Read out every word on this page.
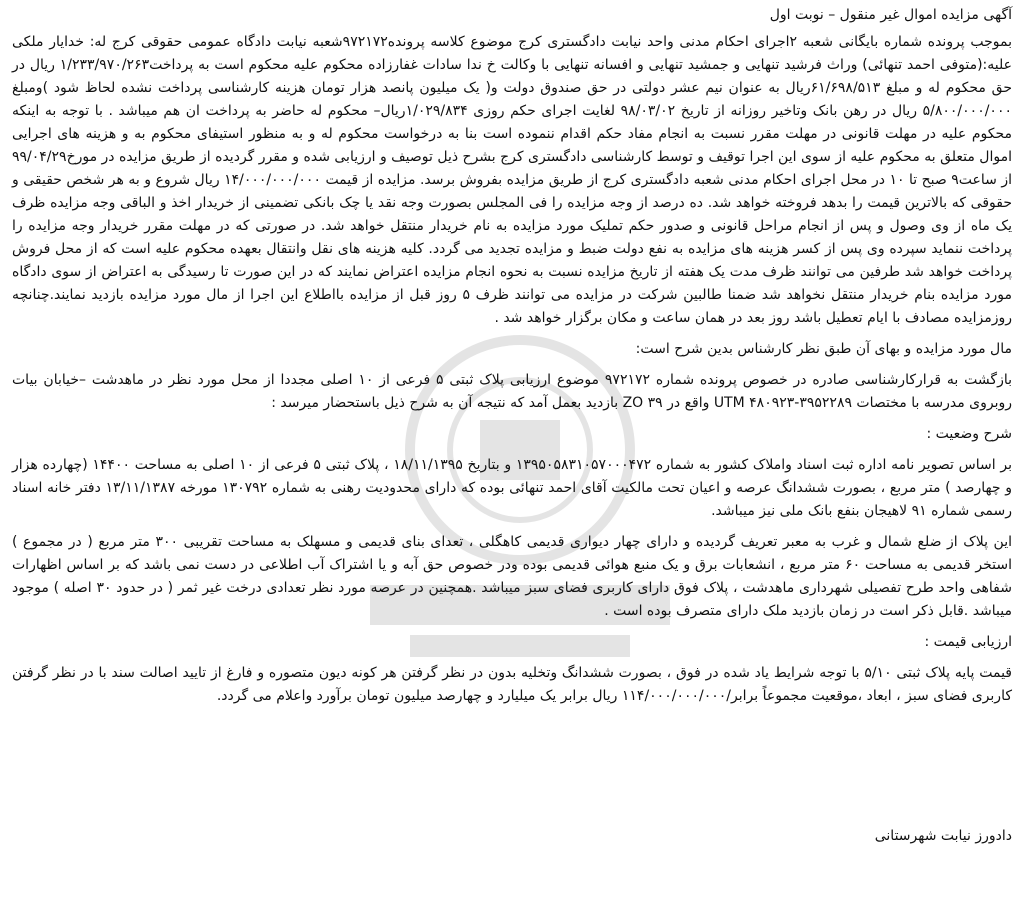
آگهی مزایده اموال غیر منقول – نوبت اول

بموجب پرونده شماره بایگانی شعبه ۲اجرای احکام مدنی واحد نیابت دادگستری کرج موضوع کلاسه پرونده۹۷۲۱۷۲شعبه نیابت دادگاه عمومی حقوقی کرج له: خدایار ملکی علیه:(متوفی احمد تنهائی) وراث فرشید تنهایی و جمشید تنهایی و افسانه تنهایی با وکالت خ ندا سادات غفارزاده محکوم علیه محکوم است به پرداخت۱/۲۳۳/۹۷۰/۲۶۳ ریال در حق محکوم له و مبلغ ۶۱/۶۹۸/۵۱۳ریال به عنوان نیم عشر دولتی در حق صندوق دولت و( یک میلیون پانصد هزار تومان هزینه کارشناسی پرداخت نشده لحاظ شود )ومبلغ ۵/۸۰۰/۰۰۰/۰۰۰ ریال در رهن بانک وتاخیر روزانه از تاریخ ۹۸/۰۳/۰۲ لغایت اجرای حکم روزی ۱/۰۲۹/۸۳۴ریال– محکوم له حاضر به پرداخت ان هم میباشد . با توجه به اینکه محکوم علیه در مهلت قانونی در مهلت مقرر نسبت به انجام مفاد حکم اقدام ننموده است بنا به درخواست محکوم له و به منظور استیفای محکوم به و هزینه های اجرایی اموال متعلق به محکوم علیه از سوی این اجرا توقیف و توسط کارشناسی دادگستری کرج بشرح ذیل توصیف و ارزیابی شده و مقرر گردیده از طریق مزایده در مورخ۹۹/۰۴/۲۹ از ساعت۹ صبح تا ۱۰ در محل اجرای احکام مدنی شعبه دادگستری کرج از طریق مزایده بفروش برسد. مزایده از قیمت ۱۴/۰۰۰/۰۰۰/۰۰۰ ریال شروع و به هر شخص حقیقی و حقوقی که بالاترین قیمت را بدهد فروخته خواهد شد. ده درصد از وجه مزایده را فی المجلس بصورت وجه نقد یا چک بانکی تضمینی از خریدار اخذ و الباقی وجه مزایده ظرف یک ماه از وی وصول و پس از انجام مراحل قانونی و صدور حکم تملیک مورد مزایده به نام خریدار منتقل خواهد شد. در صورتی که در مهلت مقرر خریدار وجه مزایده را پرداخت ننماید سپرده وی پس از کسر هزینه های مزایده به نفع دولت ضبط و مزایده تجدید می گردد. کلیه هزینه های نقل وانتقال بعهده محکوم علیه است که از محل فروش پرداخت خواهد شد طرفین می توانند ظرف مدت یک هفته از تاریخ مزایده نسبت به نحوه انجام مزایده اعتراض نمایند که در این صورت تا رسیدگی به اعتراض از سوی دادگاه مورد مزایده بنام خریدار منتقل نخواهد شد ضمنا طالبین شرکت در مزایده می توانند ظرف ۵ روز قبل از مزایده بااطلاع این اجرا از مال مورد مزایده بازدید نمایند.چنانچه روزمزایده مصادف با ایام تعطیل باشد روز بعد در همان ساعت و مکان برگزار خواهد شد .

مال مورد مزایده و بهای آن طبق نظر کارشناس بدین شرح است:

بازگشت به قرارکارشناسی صادره در خصوص پرونده شماره ۹۷۲۱۷۲ موضوع ارزیابی پلاک ثبتی ۵ فرعی از ۱۰ اصلی مجددا از محل مورد نظر در ماهدشت –خیابان بیات روبروی مدرسه با مختصات ۳۹۵۲۲۸۹-۴۸۰۹۲۳ UTM واقع در ZO ۳۹ بازدید بعمل آمد که نتیجه آن به شرح ذیل باستحضار میرسد :

شرح وضعیت :

بر اساس تصویر نامه اداره ثبت اسناد واملاک کشور به شماره ۱۳۹۵۰۵۸۳۱۰۵۷۰۰۰۴۷۲ و بتاریخ ۱۸/۱۱/۱۳۹۵ ، پلاک ثبتی ۵ فرعی از ۱۰ اصلی به مساحت ۱۴۴۰۰ (چهارده هزار و چهارصد ) متر مربع ، بصورت ششدانگ عرصه و اعیان تحت مالکیت آقای احمد تنهائی بوده که دارای محدودیت رهنی به شماره ۱۳۰۷۹۲ مورخه ۱۳/۱۱/۱۳۸۷ دفتر خانه اسناد رسمی شماره ۹۱ لاهیجان بنفع بانک ملی نیز میباشد.

این پلاک از ضلع شمال و غرب به معبر تعریف گردیده و دارای چهار دیواری قدیمی کاهگلی ، تعدای بنای قدیمی و مسهلک به مساحت تقریبی ۳۰۰ متر مربع ( در مجموع ) استخر قدیمی به مساحت ۶۰ متر مربع ، انشعابات برق و یک منبع هوائی قدیمی بوده ودر خصوص حق آبه و یا اشتراک آب اطلاعی در دست نمی باشد که بر اساس اظهارات شفاهی واحد طرح تفصیلی شهرداری ماهدشت ، پلاک فوق دارای کاربری فضای سبز میباشد .همچنین در عرصه مورد نظر تعدادی درخت غیر ثمر ( در حدود ۳۰ اصله ) موجود میباشد .قابل ذکر است در زمان بازدید ملک دارای متصرف بوده است .

ارزیابی قیمت :

قیمت پایه پلاک ثبتی ۵/۱۰ با توجه شرایط یاد شده در فوق ، بصورت ششدانگ وتخلیه بدون در نظر گرفتن هر کونه دیون متصوره و فارغ از تایید اصالت سند با در نظر گرفتن کاربری فضای سبز ، ابعاد ،موقعیت مجموعاً برابر/۱۱۴/۰۰۰/۰۰۰/۰۰۰ ریال برابر یک میلیارد و چهارصد میلیون تومان برآورد واعلام می گردد.

دادورز نیابت شهرستانی
